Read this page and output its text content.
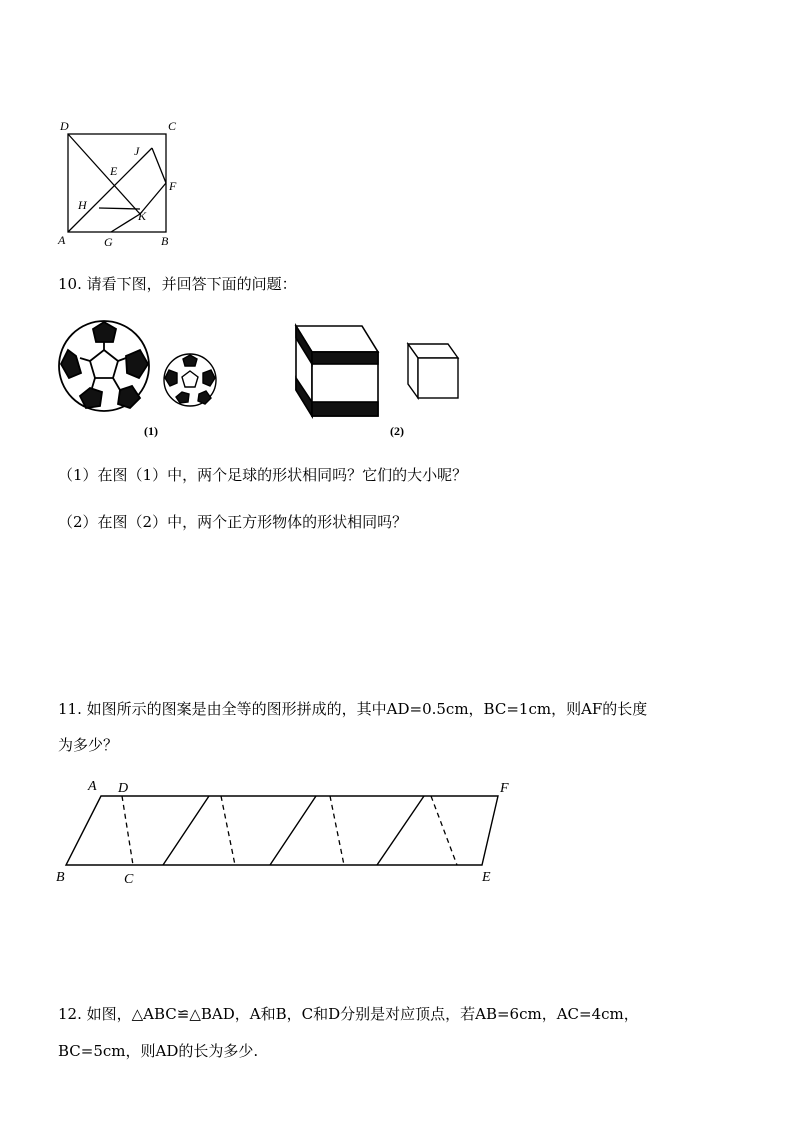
D	C
J
E
F
H
K
A	G	B
10. 请看下图，并回答下面的问题：
(1)	(2)
（1）在图（1）中，两个足球的形状相同吗？它们的大小呢？
（2）在图（2）中，两个正方形物体的形状相同吗？
11. 如图所示的图案是由全等的图形拼成的，其中AD=0.5cm，BC=1cm，则AF的长度
为多少？
A D	F
B	C	E
12. 如图，△ABC≌△BAD，A和B，C和D分别是对应顶点，若AB=6cm，AC=4cm，
BC=5cm，则AD的长为多少.
